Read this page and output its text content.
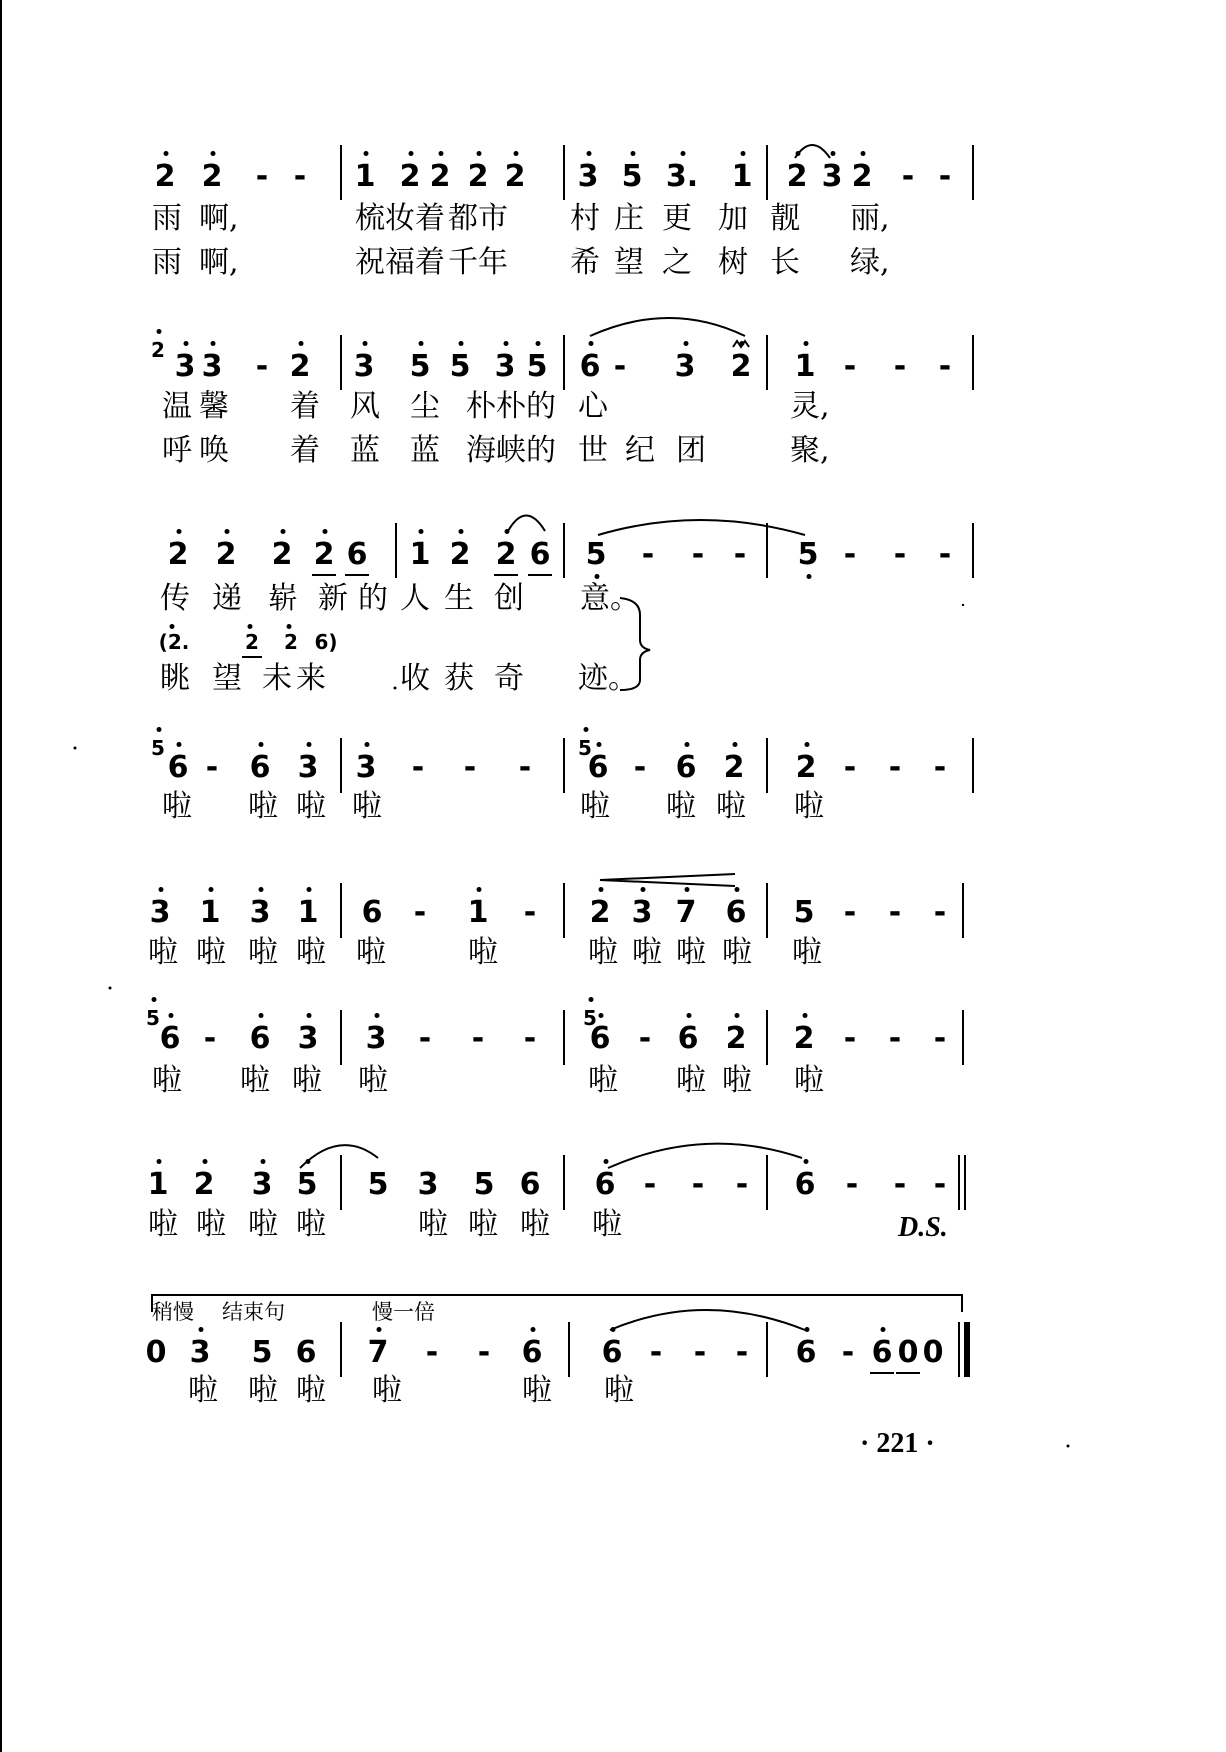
2 2 - - 1 2 2 2 2 3 5 3. 1 2 3 2 - -
雨 啊,	梳 妆 着 都 市 村 庄 更 加 靓 丽,
雨 啊,	祝 福 着 千 年 希 望 之 树 长 绿,
2 3 3 - 2 3 5 5 3 5 6 - 3 2 1 - - -
温 馨 着 风 尘 朴 朴 的 心	灵,
呼 唤 着 蓝 蓝 海 峡 的 世 纪 团	聚,
2 2 2 2 6 1 2 2 6 5 - - - 5 - - -
传 递 崭 新 的 人 生 创 意。
(2.	2 2 6)
眺 望 未 来 收 获 奇 迹。
5	5
6 - 6 3 3 - - - 6 - 6 2 2 - - -
啦 啦 啦 啦	啦 啦 啦 啦
3 1 3 1 6 - 1 - 2 3 7 6 5 - - -
啦 啦 啦 啦 啦	啦	啦 啦 啦 啦 啦
5	5
6 - 6 3 3 - - - 6 - 6 2 2 - - -
啦 啦 啦 啦	啦 啦 啦 啦
1 2 3 5 5 3 5 6 6 - - - 6 - - -
啦 啦 啦 啦	啦 啦 啦 啦
0 3 5 6 7 - - 6 6 - - - 6 - 6 0 0
啦 啦 啦 啦	啦 啦
稍慢 结束句	慢一倍
D.S.
· 221 ·
